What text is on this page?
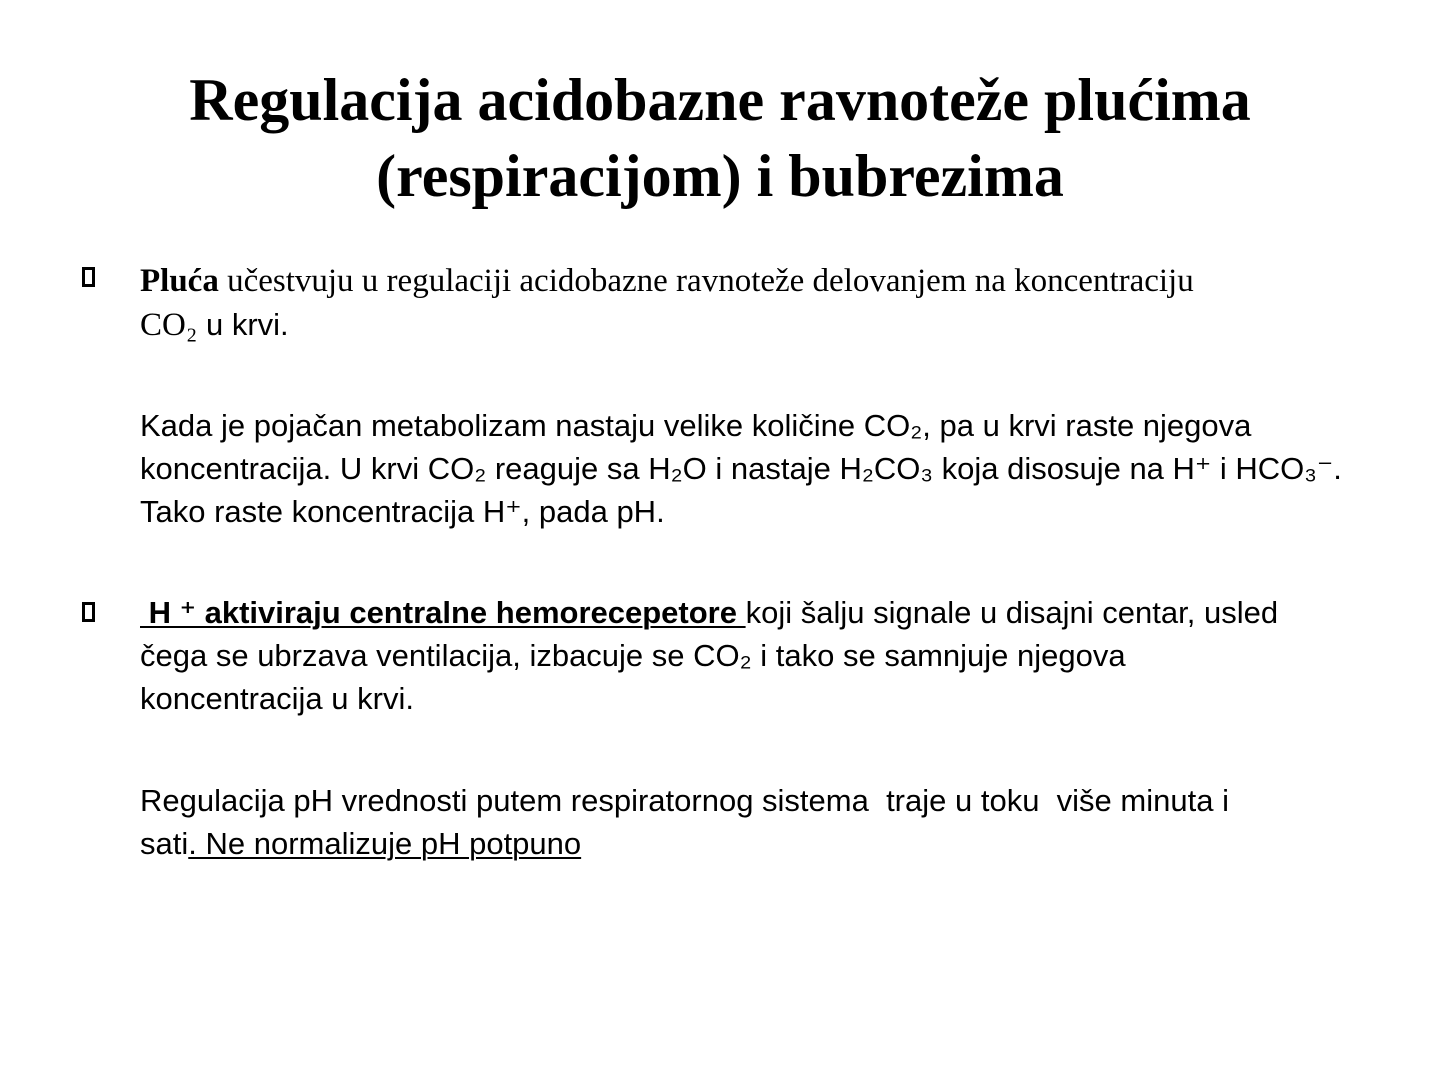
Regulacija acidobazne ravnoteže plućima
(respiracijom) i bubrezima
Pluća učestvuju u regulaciji acidobazne ravnoteže delovanjem na koncentraciju
CO₂ u krvi.
Kada je pojačan metabolizam nastaju velike količine CO₂, pa u krvi raste njegova
koncentracija. U krvi CO₂ reaguje sa H₂O i nastaje H₂CO₃ koja disosuje na H⁺ i HCO₃⁻.
Tako raste koncentracija H⁺, pada pH.
H ⁺ aktiviraju centralne hemorecepetore koji šalju signale u disajni centar, usled
čega se ubrzava ventilacija, izbacuje se CO₂ i tako se samnjuje njegova
koncentracija u krvi.
Regulacija pH vrednosti putem respiratornog sistema  traje u toku  više minuta i
sati. Ne normalizuje pH potpuno
